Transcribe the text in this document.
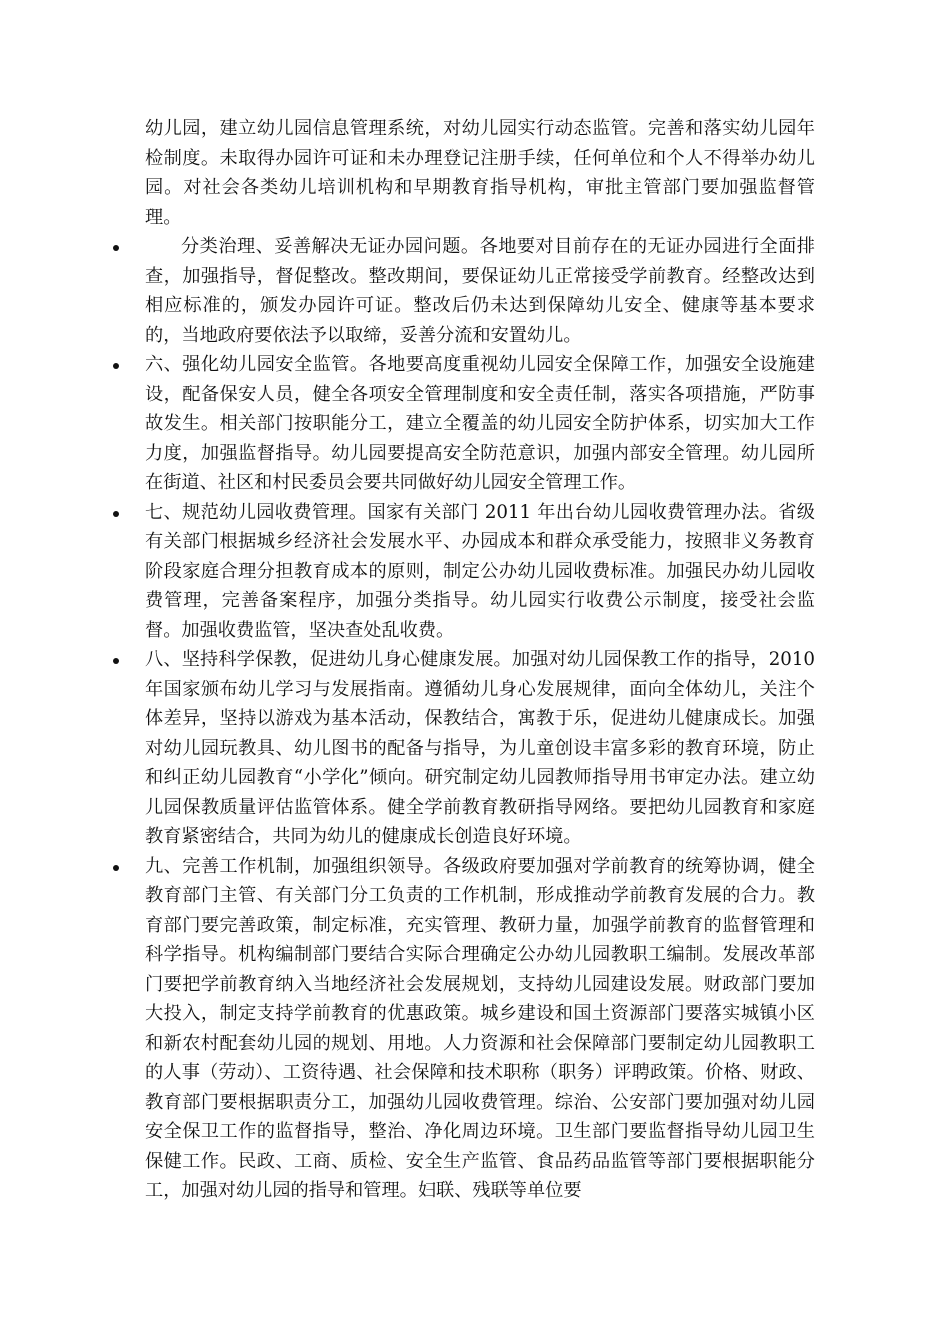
幼儿园，建立幼儿园信息管理系统，对幼儿园实行动态监管。完善和落实幼儿园年检制度。未取得办园许可证和未办理登记注册手续，任何单位和个人不得举办幼儿园。对社会各类幼儿培训机构和早期教育指导机构，审批主管部门要加强监督管理。

分类治理、妥善解决无证办园问题。各地要对目前存在的无证办园进行全面排查，加强指导，督促整改。整改期间，要保证幼儿正常接受学前教育。经整改达到相应标准的，颁发办园许可证。整改后仍未达到保障幼儿安全、健康等基本要求的，当地政府要依法予以取缔，妥善分流和安置幼儿。

六、强化幼儿园安全监管。各地要高度重视幼儿园安全保障工作，加强安全设施建设，配备保安人员，健全各项安全管理制度和安全责任制，落实各项措施，严防事故发生。相关部门按职能分工，建立全覆盖的幼儿园安全防护体系，切实加大工作力度，加强监督指导。幼儿园要提高安全防范意识，加强内部安全管理。幼儿园所在街道、社区和村民委员会要共同做好幼儿园安全管理工作。

七、规范幼儿园收费管理。国家有关部门 2011 年出台幼儿园收费管理办法。省级有关部门根据城乡经济社会发展水平、办园成本和群众承受能力，按照非义务教育阶段家庭合理分担教育成本的原则，制定公办幼儿园收费标准。加强民办幼儿园收费管理，完善备案程序，加强分类指导。幼儿园实行收费公示制度，接受社会监督。加强收费监管，坚决查处乱收费。

八、坚持科学保教，促进幼儿身心健康发展。加强对幼儿园保教工作的指导，2010 年国家颁布幼儿学习与发展指南。遵循幼儿身心发展规律，面向全体幼儿，关注个体差异，坚持以游戏为基本活动，保教结合，寓教于乐，促进幼儿健康成长。加强对幼儿园玩教具、幼儿图书的配备与指导，为儿童创设丰富多彩的教育环境，防止和纠正幼儿园教育“小学化”倾向。研究制定幼儿园教师指导用书审定办法。建立幼儿园保教质量评估监管体系。健全学前教育教研指导网络。要把幼儿园教育和家庭教育紧密结合，共同为幼儿的健康成长创造良好环境。

九、完善工作机制，加强组织领导。各级政府要加强对学前教育的统筹协调，健全教育部门主管、有关部门分工负责的工作机制，形成推动学前教育发展的合力。教育部门要完善政策，制定标准，充实管理、教研力量，加强学前教育的监督管理和科学指导。机构编制部门要结合实际合理确定公办幼儿园教职工编制。发展改革部门要把学前教育纳入当地经济社会发展规划，支持幼儿园建设发展。财政部门要加大投入，制定支持学前教育的优惠政策。城乡建设和国土资源部门要落实城镇小区和新农村配套幼儿园的规划、用地。人力资源和社会保障部门要制定幼儿园教职工的人事（劳动）、工资待遇、社会保障和技术职称（职务）评聘政策。价格、财政、教育部门要根据职责分工，加强幼儿园收费管理。综治、公安部门要加强对幼儿园安全保卫工作的监督指导，整治、净化周边环境。卫生部门要监督指导幼儿园卫生保健工作。民政、工商、质检、安全生产监管、食品药品监管等部门要根据职能分工，加强对幼儿园的指导和管理。妇联、残联等单位要
